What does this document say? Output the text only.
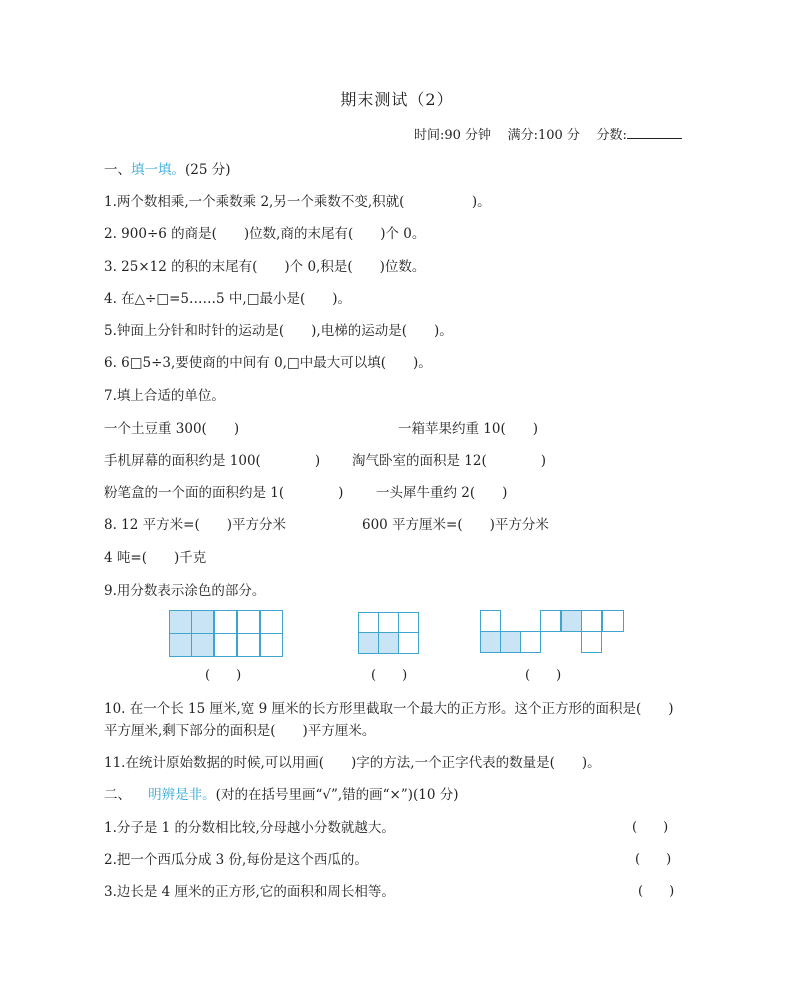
期末测试（2）
时间:90 分钟 满分:100 分 分数:
一、填一填。(25 分)
1.两个数相乘,一个乘数乘 2,另一个乘数不变,积就(　　　　　)。
2. 900÷6 的商是(　　)位数,商的末尾有(　　)个 0。
3. 25×12 的积的末尾有(　　)个 0,积是(　　)位数。
4. 在△÷□=5……5 中,□最小是(　　)。
5.钟面上分针和时针的运动是(　　),电梯的运动是(　　)。
6. 6□5÷3,要使商的中间有 0,□中最大可以填(　　)。
7.填上合适的单位。
一个土豆重 300(　　)	一箱苹果约重 10(　　)
手机屏幕的面积约是 100(　　　　) 淘气卧室的面积是 12(　　　　)
粉笔盒的一个面的面积约是 1(　　　　) 一头犀牛重约 2(　　)
8. 12 平方米=(　　)平方分米	600 平方厘米=(　　)平方分米
4 吨=(　　)千克
9.用分数表示涂色的部分。
(　　)	(　　)	(　　)
10. 在一个长 15 厘米,宽 9 厘米的长方形里截取一个最大的正方形。这个正方形的面积是(　　)
平方厘米,剩下部分的面积是(　　)平方厘米。
11.在统计原始数据的时候,可以用画(　　)字的方法,一个正字代表的数量是(　　)。
二、 明辨是非。(对的在括号里画“√”,错的画“×”)(10 分)
1.分子是 1 的分数相比较,分母越小分数就越大。	(　　)
2.把一个西瓜分成 3 份,每份是这个西瓜的。	(　　)
3.边长是 4 厘米的正方形,它的面积和周长相等。	(　　)
